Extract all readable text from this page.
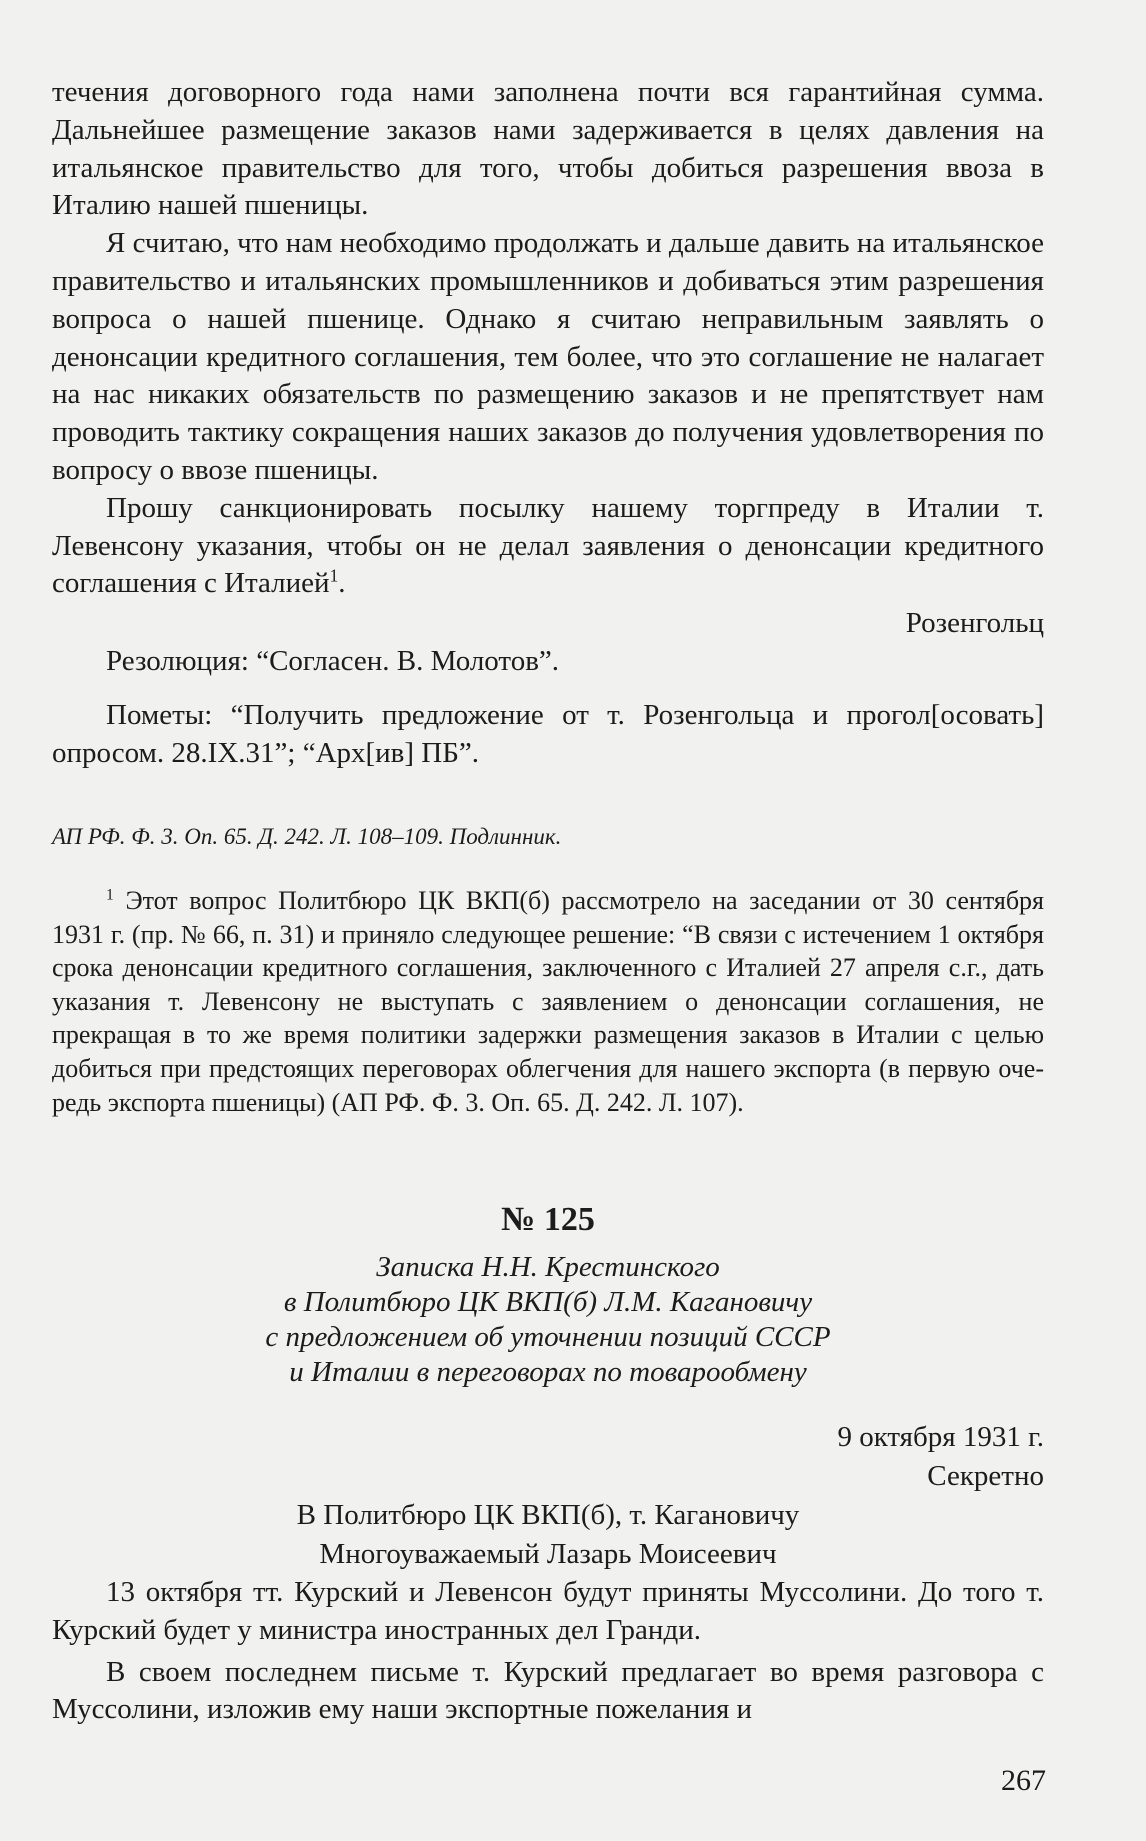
течения договорного года нами заполнена почти вся гарантийная сумма. Дальнейшее размещение заказов нами задерживается в целях давления на итальянское правительство для того, чтобы добиться разрешения ввоза в Италию нашей пшеницы.

Я считаю, что нам необходимо продолжать и дальше давить на итальянское правительство и итальянских промышленников и добиваться этим разрешения вопроса о нашей пшенице. Однако я считаю неправильным заявлять о денонсации кредитного соглашения, тем более, что это соглашение не налагает на нас никаких обязательств по размещению заказов и не препятствует нам проводить тактику сокращения наших заказов до получения удовлетворения по вопросу о ввозе пшеницы.

Прошу санкционировать посылку нашему торгпреду в Италии т. Левенсону указания, чтобы он не делал заявления о денонсации кредитного соглашения с Италией$^1$.

Розенгольц

Резолюция: “Согласен. В. Молотов”.

Пометы: “Получить предложение от т. Розенгольца и прогол[осовать] опросом. 28.IX.31”; “Арх[ив] ПБ”.

АП РФ. Ф. 3. Оп. 65. Д. 242. Л. 108–109. Подлинник.

$^1$ Этот вопрос Политбюро ЦК ВКП(б) рассмотрело на заседании от 30 сентября 1931 г. (пр. № 66, п. 31) и приняло следующее решение: “В связи с истечением 1 октября срока денонсации кредитного соглашения, заключенного с Италией 27 апреля с.г., дать указания т. Левенсону не выступать с заявлением о денонсации соглашения, не прекращая в то же время политики задержки размещения заказов в Италии с целью добиться при предстоящих переговорах облегчения для нашего экспорта (в первую очередь экспорта пшеницы) (АП РФ. Ф. 3. Оп. 65. Д. 242. Л. 107).

№ 125

Записка Н.Н. Крестинского

в Политбюро ЦК ВКП(б) Л.М. Кагановичу

с предложением об уточнении позиций СССР

и Италии в переговорах по товарообмену

9 октября 1931 г.

Секретно

В Политбюро ЦК ВКП(б), т. Кагановичу

Многоуважаемый Лазарь Моисеевич

13 октября тт. Курский и Левенсон будут приняты Муссолини. До того т. Курский будет у министра иностранных дел Гранди.

В своем последнем письме т. Курский предлагает во время разговора с Муссолини, изложив ему наши экспортные пожелания и

267
